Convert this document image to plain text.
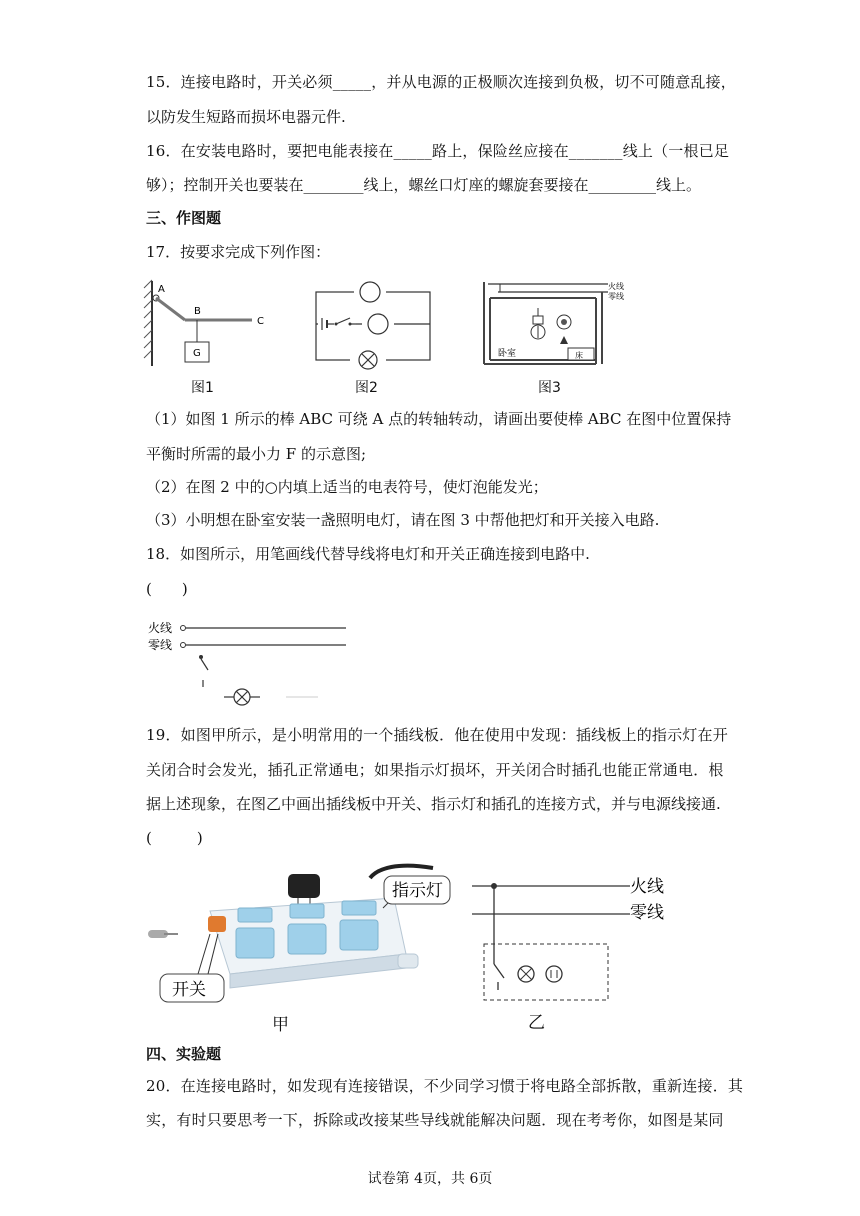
15．连接电路时，开关必须_____，并从电源的正极顺次连接到负极，切不可随意乱接，
以防发生短路而损坏电器元件.
16．在安装电路时，要把电能表接在_____路上，保险丝应接在_______线上（一根已足
够）；控制开关也要装在________线上，螺丝口灯座的螺旋套要接在_________线上。
三、作图题
17．按要求完成下列作图：
A
B
C
G
图1	图2
火线
零线
卧室	床
图3
（1）如图 1 所示的棒 ABC 可绕 A 点的转轴转动，请画出要使棒 ABC 在图中位置保持
平衡时所需的最小力 F 的示意图;
（2）在图 2 中的○内填上适当的电表符号，使灯泡能发光；
（3）小明想在卧室安装一盏照明电灯，请在图 3 中帮他把灯和开关接入电路.
18．如图所示，用笔画线代替导线将电灯和开关正确连接到电路中.
(　　)
火线
零线
19．如图甲所示，是小明常用的一个插线板．他在使用中发现：插线板上的指示灯在开
关闭合时会发光，插孔正常通电；如果指示灯损坏，开关闭合时插孔也能正常通电．根
据上述现象，在图乙中画出插线板中开关、指示灯和插孔的连接方式，并与电源线接通.
(　　　)
开关
指示灯
甲
火线
零线
乙
四、实验题
20．在连接电路时，如发现有连接错误，不少同学习惯于将电路全部拆散，重新连接．其
实，有时只要思考一下，拆除或改接某些导线就能解决问题．现在考考你，如图是某同
试卷第 4页，共 6页
